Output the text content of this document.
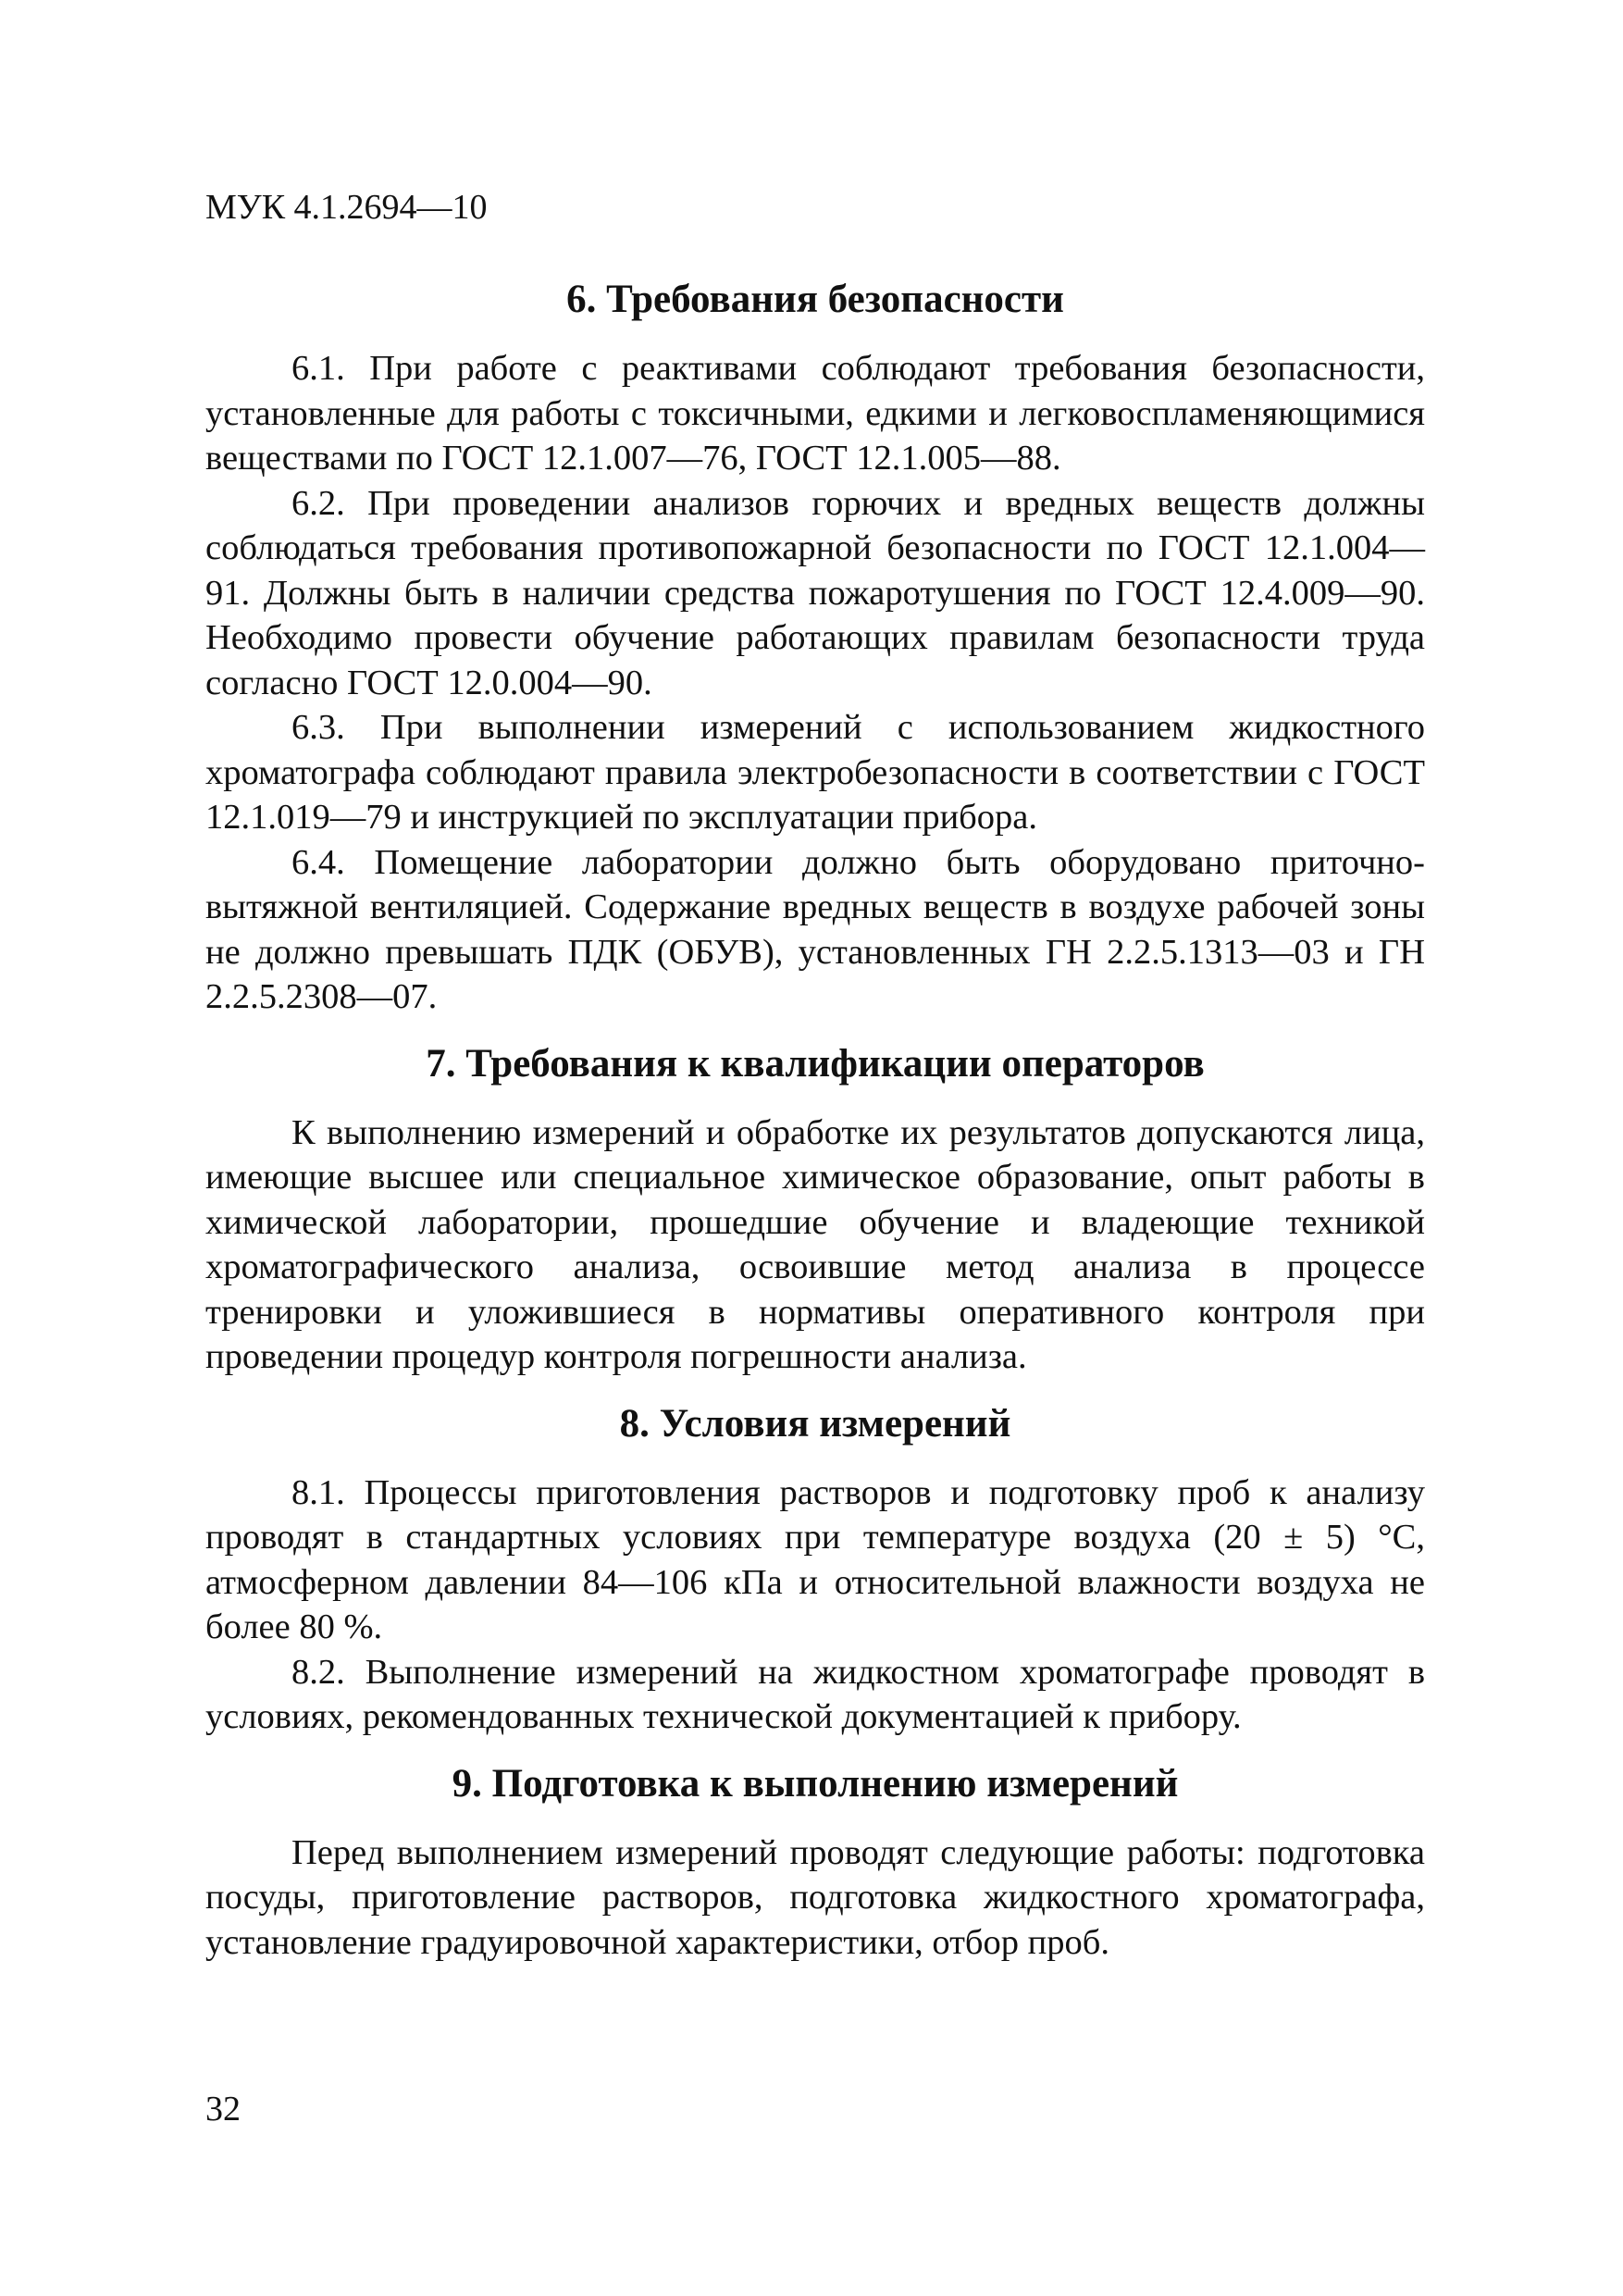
МУК 4.1.2694—10
6. Требования безопасности

6.1. При работе с реактивами соблюдают требования безопасности, установленные для работы с токсичными, едкими и легковоспламеняющимися веществами по ГОСТ 12.1.007—76, ГОСТ 12.1.005—88.

6.2. При проведении анализов горючих и вредных веществ должны соблюдаться требования противопожарной безопасности по ГОСТ 12.1.004—91. Должны быть в наличии средства пожаротушения по ГОСТ 12.4.009—90. Необходимо провести обучение работающих правилам безопасности труда согласно ГОСТ 12.0.004—90.

6.3. При выполнении измерений с использованием жидкостного хроматографа соблюдают правила электробезопасности в соответствии с ГОСТ 12.1.019—79 и инструкцией по эксплуатации прибора.

6.4. Помещение лаборатории должно быть оборудовано приточно-вытяжной вентиляцией. Содержание вредных веществ в воздухе рабочей зоны не должно превышать ПДК (ОБУВ), установленных ГН 2.2.5.1313—03 и ГН 2.2.5.2308—07.

7. Требования к квалификации операторов

К выполнению измерений и обработке их результатов допускаются лица, имеющие высшее или специальное химическое образование, опыт работы в химической лаборатории, прошедшие обучение и владеющие техникой хроматографического анализа, освоившие метод анализа в процессе тренировки и уложившиеся в нормативы оперативного контроля при проведении процедур контроля погрешности анализа.

8. Условия измерений

8.1. Процессы приготовления растворов и подготовку проб к анализу проводят в стандартных условиях при температуре воздуха (20 ± 5) °С, атмосферном давлении 84—106 кПа и относительной влажности воздуха не более 80 %.

8.2. Выполнение измерений на жидкостном хроматографе проводят в условиях, рекомендованных технической документацией к прибору.

9. Подготовка к выполнению измерений

Перед выполнением измерений проводят следующие работы: подготовка посуды, приготовление растворов, подготовка жидкостного хроматографа, установление градуировочной характеристики, отбор проб.

32
